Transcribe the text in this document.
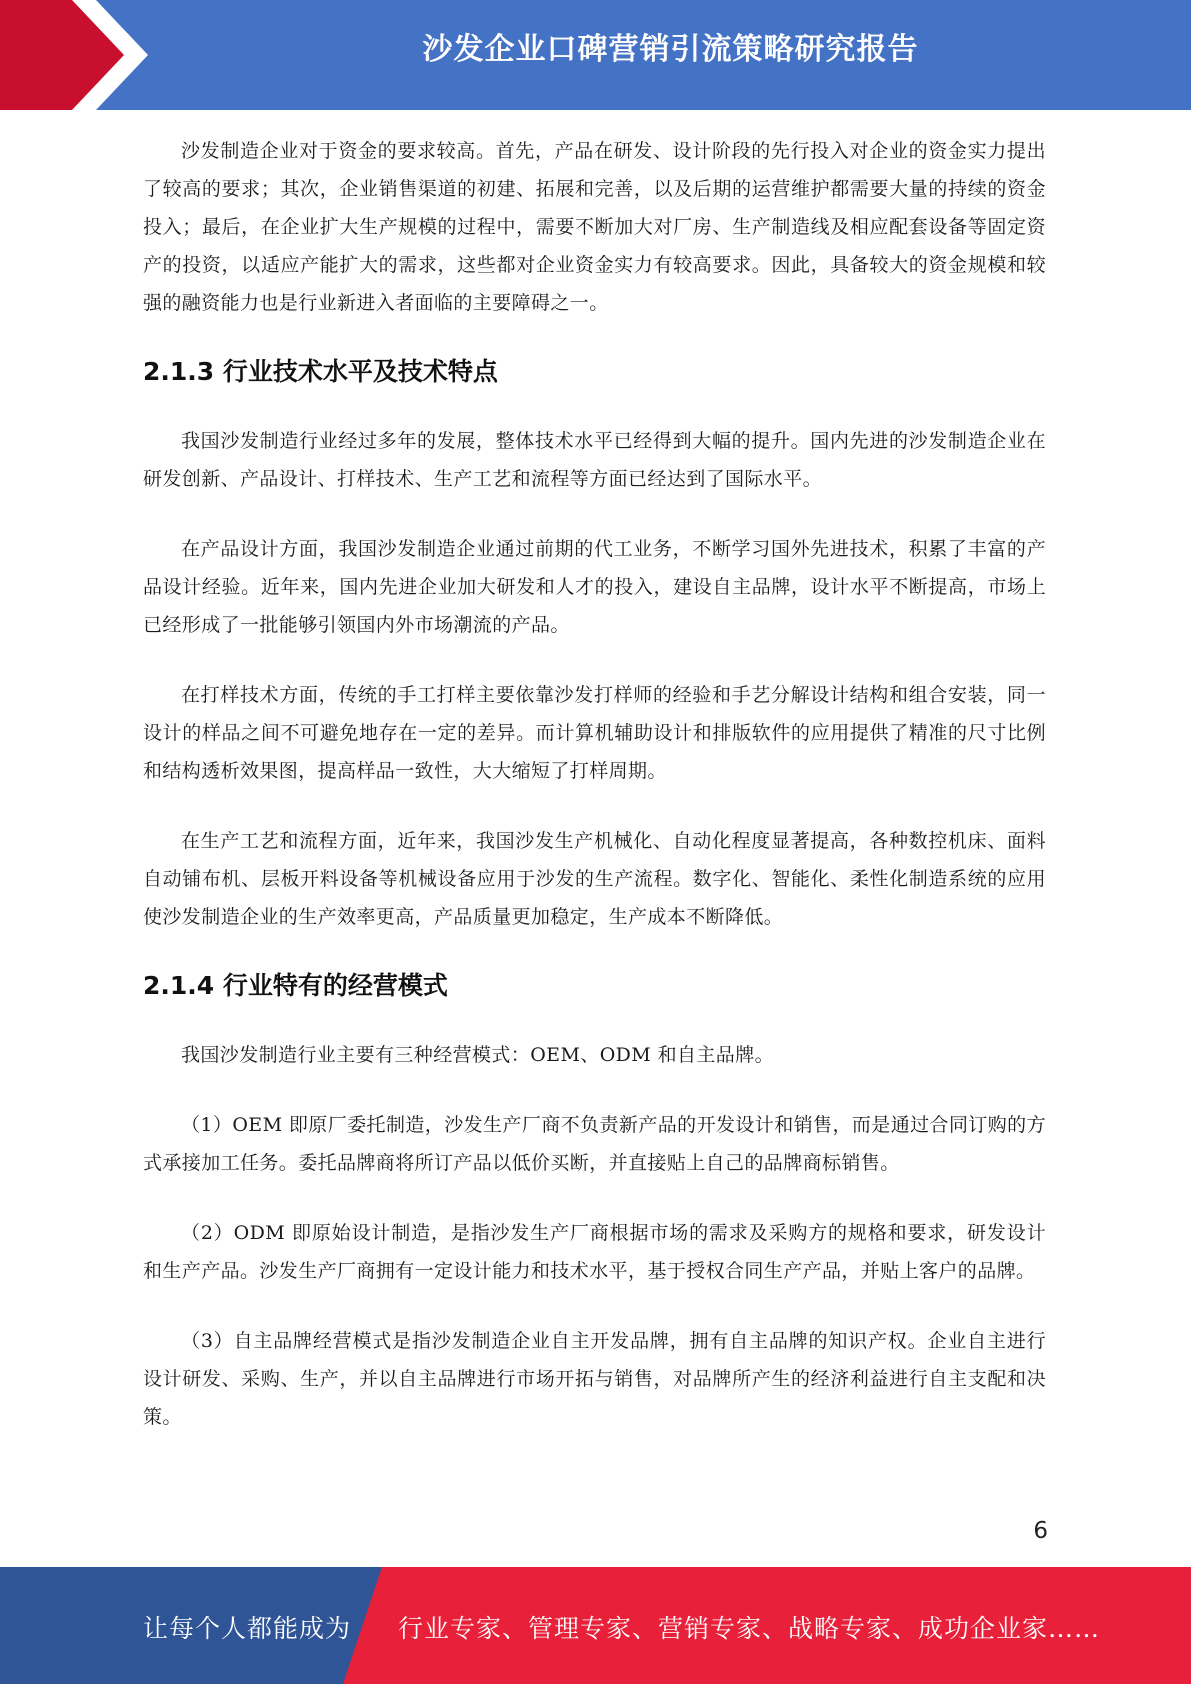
沙发企业口碑营销引流策略研究报告

沙发制造企业对于资金的要求较高。首先，产品在研发、设计阶段的先行投入对企业的资金实力提出了较高的要求；其次，企业销售渠道的初建、拓展和完善，以及后期的运营维护都需要大量的持续的资金投入；最后，在企业扩大生产规模的过程中，需要不断加大对厂房、生产制造线及相应配套设备等固定资产的投资，以适应产能扩大的需求，这些都对企业资金实力有较高要求。因此，具备较大的资金规模和较强的融资能力也是行业新进入者面临的主要障碍之一。

2.1.3 行业技术水平及技术特点

我国沙发制造行业经过多年的发展，整体技术水平已经得到大幅的提升。国内先进的沙发制造企业在研发创新、产品设计、打样技术、生产工艺和流程等方面已经达到了国际水平。

在产品设计方面，我国沙发制造企业通过前期的代工业务，不断学习国外先进技术，积累了丰富的产品设计经验。近年来，国内先进企业加大研发和人才的投入，建设自主品牌，设计水平不断提高，市场上已经形成了一批能够引领国内外市场潮流的产品。

在打样技术方面，传统的手工打样主要依靠沙发打样师的经验和手艺分解设计结构和组合安装，同一设计的样品之间不可避免地存在一定的差异。而计算机辅助设计和排版软件的应用提供了精准的尺寸比例和结构透析效果图，提高样品一致性，大大缩短了打样周期。

在生产工艺和流程方面，近年来，我国沙发生产机械化、自动化程度显著提高，各种数控机床、面料自动铺布机、层板开料设备等机械设备应用于沙发的生产流程。数字化、智能化、柔性化制造系统的应用使沙发制造企业的生产效率更高，产品质量更加稳定，生产成本不断降低。

2.1.4 行业特有的经营模式

我国沙发制造行业主要有三种经营模式：OEM、ODM 和自主品牌。

（1）OEM 即原厂委托制造，沙发生产厂商不负责新产品的开发设计和销售，而是通过合同订购的方式承接加工任务。委托品牌商将所订产品以低价买断，并直接贴上自己的品牌商标销售。

（2）ODM 即原始设计制造，是指沙发生产厂商根据市场的需求及采购方的规格和要求，研发设计和生产产品。沙发生产厂商拥有一定设计能力和技术水平，基于授权合同生产产品，并贴上客户的品牌。

（3）自主品牌经营模式是指沙发制造企业自主开发品牌，拥有自主品牌的知识产权。企业自主进行设计研发、采购、生产，并以自主品牌进行市场开拓与销售，对品牌所产生的经济利益进行自主支配和决策。

6
让每个人都能成为 行业专家、管理专家、营销专家、战略专家、成功企业家……
